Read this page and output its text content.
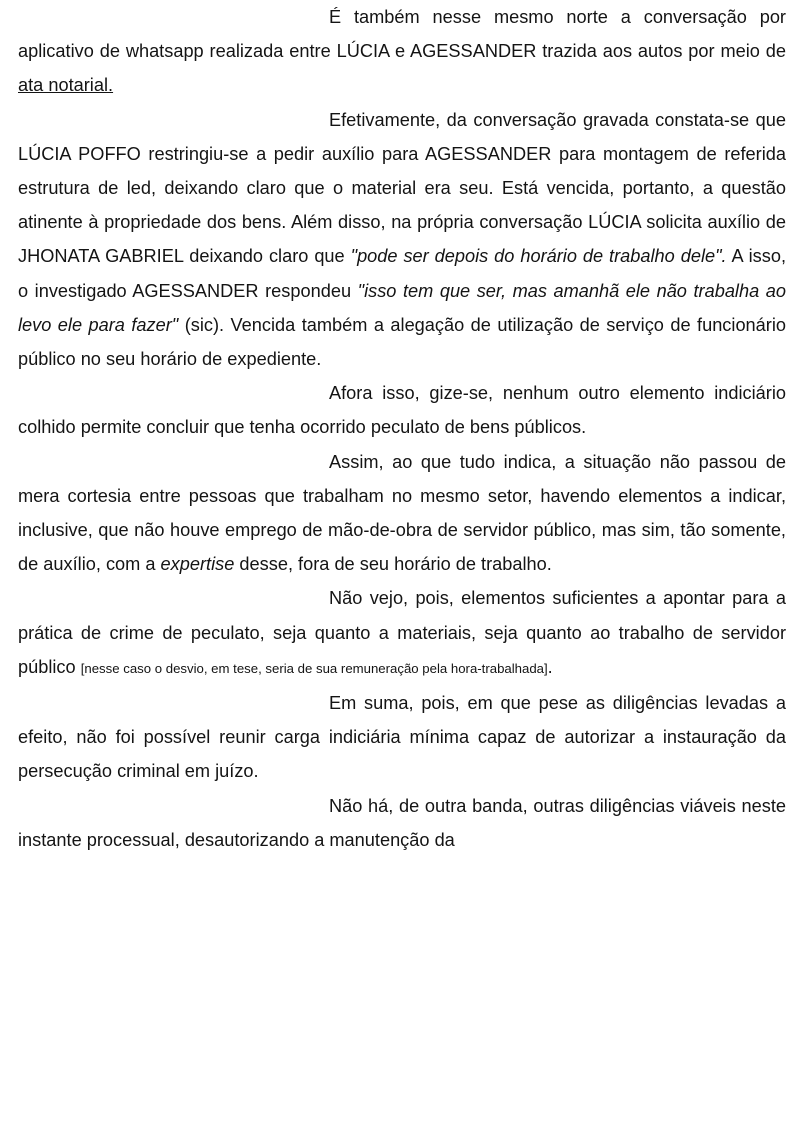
É também nesse mesmo norte a conversação por aplicativo de whatsapp realizada entre LÚCIA e AGESSANDER trazida aos autos por meio de ata notarial.

Efetivamente, da conversação gravada constata-se que LÚCIA POFFO restringiu-se a pedir auxílio para AGESSANDER para montagem de referida estrutura de led, deixando claro que o material era seu. Está vencida, portanto, a questão atinente à propriedade dos bens. Além disso, na própria conversação LÚCIA solicita auxílio de JHONATA GABRIEL deixando claro que "pode ser depois do horário de trabalho dele". A isso, o investigado AGESSANDER respondeu "isso tem que ser, mas amanhã ele não trabalha ao levo ele para fazer" (sic). Vencida também a alegação de utilização de serviço de funcionário público no seu horário de expediente.

Afora isso, gize-se, nenhum outro elemento indiciário colhido permite concluir que tenha ocorrido peculato de bens públicos.

Assim, ao que tudo indica, a situação não passou de mera cortesia entre pessoas que trabalham no mesmo setor, havendo elementos a indicar, inclusive, que não houve emprego de mão-de-obra de servidor público, mas sim, tão somente, de auxílio, com a expertise desse, fora de seu horário de trabalho.

Não vejo, pois, elementos suficientes a apontar para a prática de crime de peculato, seja quanto a materiais, seja quanto ao trabalho de servidor público [nesse caso o desvio, em tese, seria de sua remuneração pela hora-trabalhada].

Em suma, pois, em que pese as diligências levadas a efeito, não foi possível reunir carga indiciária mínima capaz de autorizar a instauração da persecução criminal em juízo.

Não há, de outra banda, outras diligências viáveis neste instante processual, desautorizando a manutenção da
